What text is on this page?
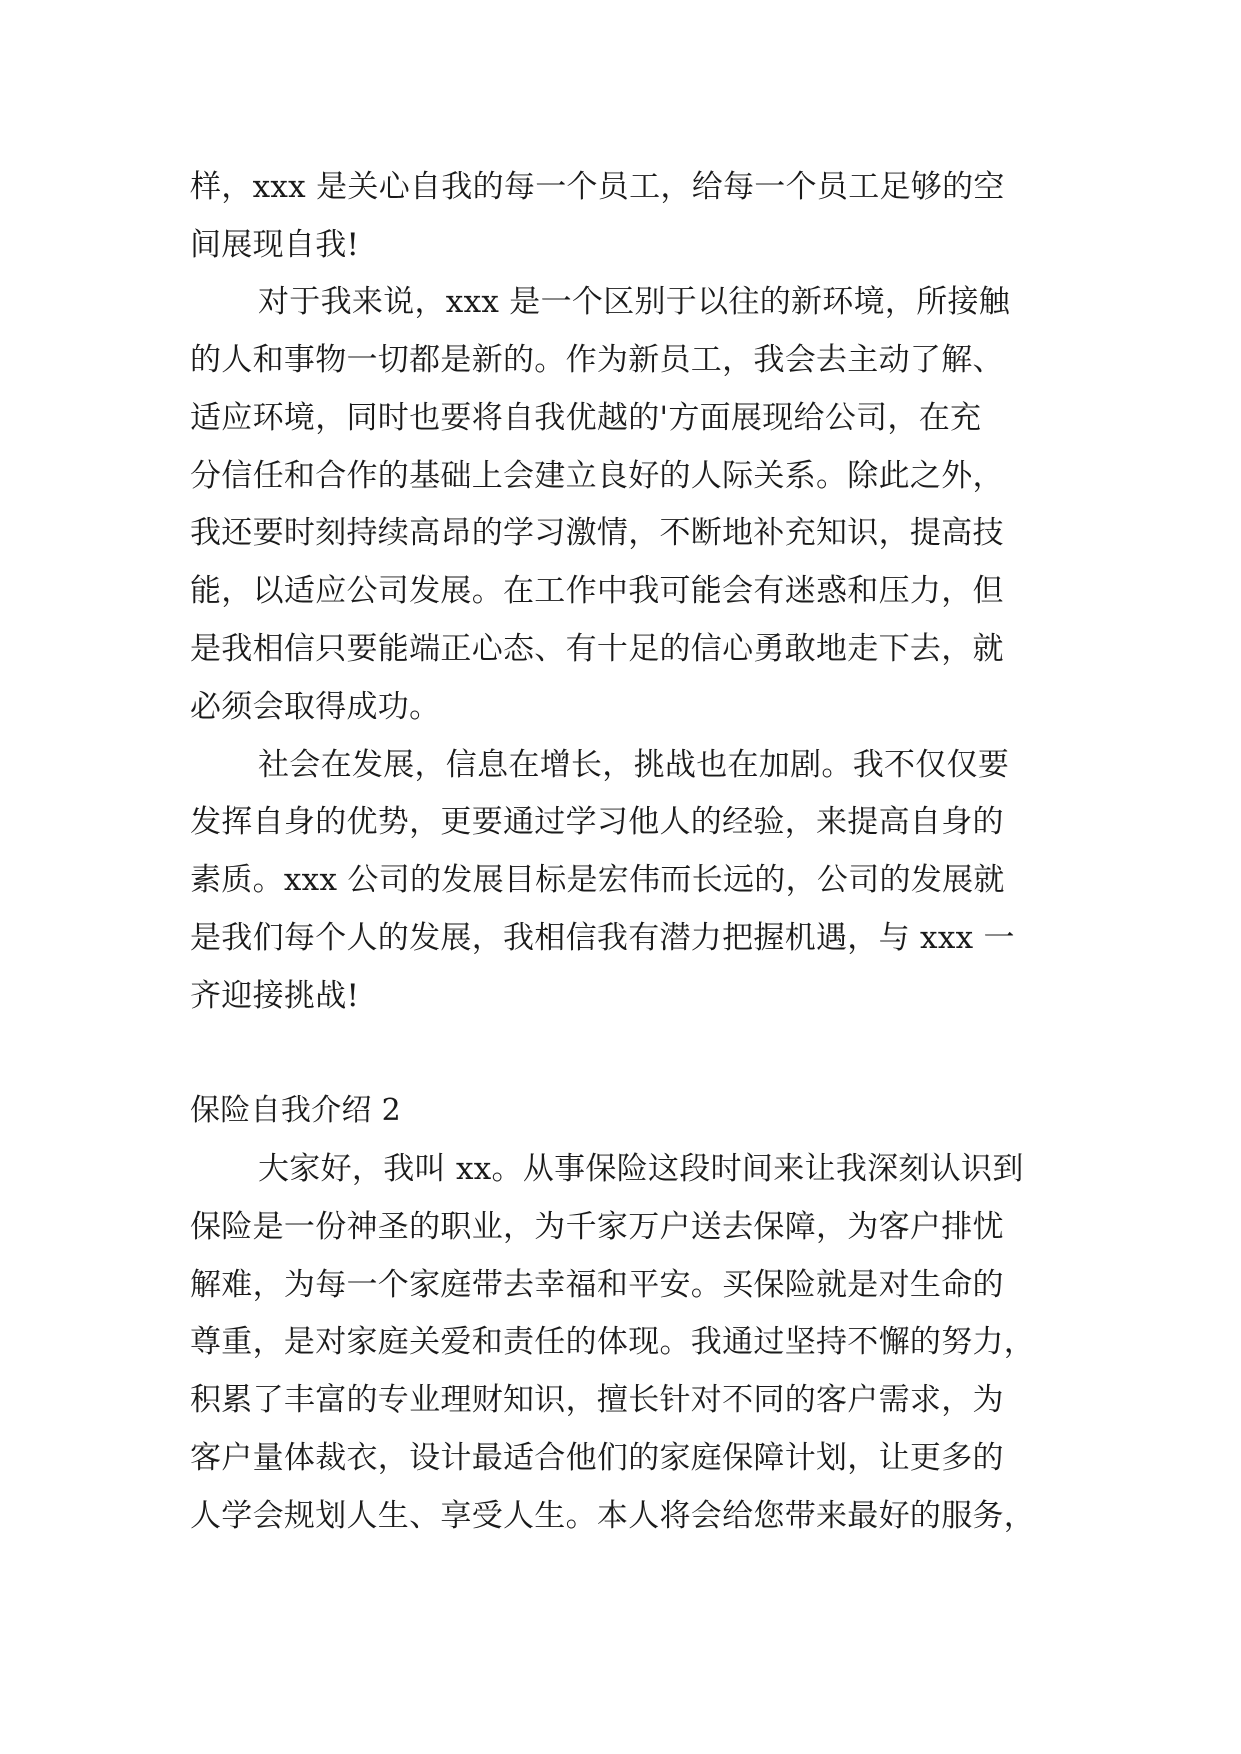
样，xxx 是关心自我的每一个员工，给每一个员工足够的空
间展现自我!
对于我来说，xxx 是一个区别于以往的新环境，所接触
的人和事物一切都是新的。作为新员工，我会去主动了解、
适应环境，同时也要将自我优越的'方面展现给公司，在充
分信任和合作的基础上会建立良好的人际关系。除此之外，
我还要时刻持续高昂的学习激情，不断地补充知识，提高技
能，以适应公司发展。在工作中我可能会有迷惑和压力，但
是我相信只要能端正心态、有十足的信心勇敢地走下去，就
必须会取得成功。
社会在发展，信息在增长，挑战也在加剧。我不仅仅要
发挥自身的优势，更要通过学习他人的经验，来提高自身的
素质。xxx 公司的发展目标是宏伟而长远的，公司的发展就
是我们每个人的发展，我相信我有潜力把握机遇，与 xxx 一
齐迎接挑战!
保险自我介绍 2
大家好，我叫 xx。从事保险这段时间来让我深刻认识到
保险是一份神圣的职业，为千家万户送去保障，为客户排忧
解难，为每一个家庭带去幸福和平安。买保险就是对生命的
尊重，是对家庭关爱和责任的体现。我通过坚持不懈的努力，
积累了丰富的专业理财知识，擅长针对不同的客户需求，为
客户量体裁衣，设计最适合他们的家庭保障计划，让更多的
人学会规划人生、享受人生。本人将会给您带来最好的服务，
